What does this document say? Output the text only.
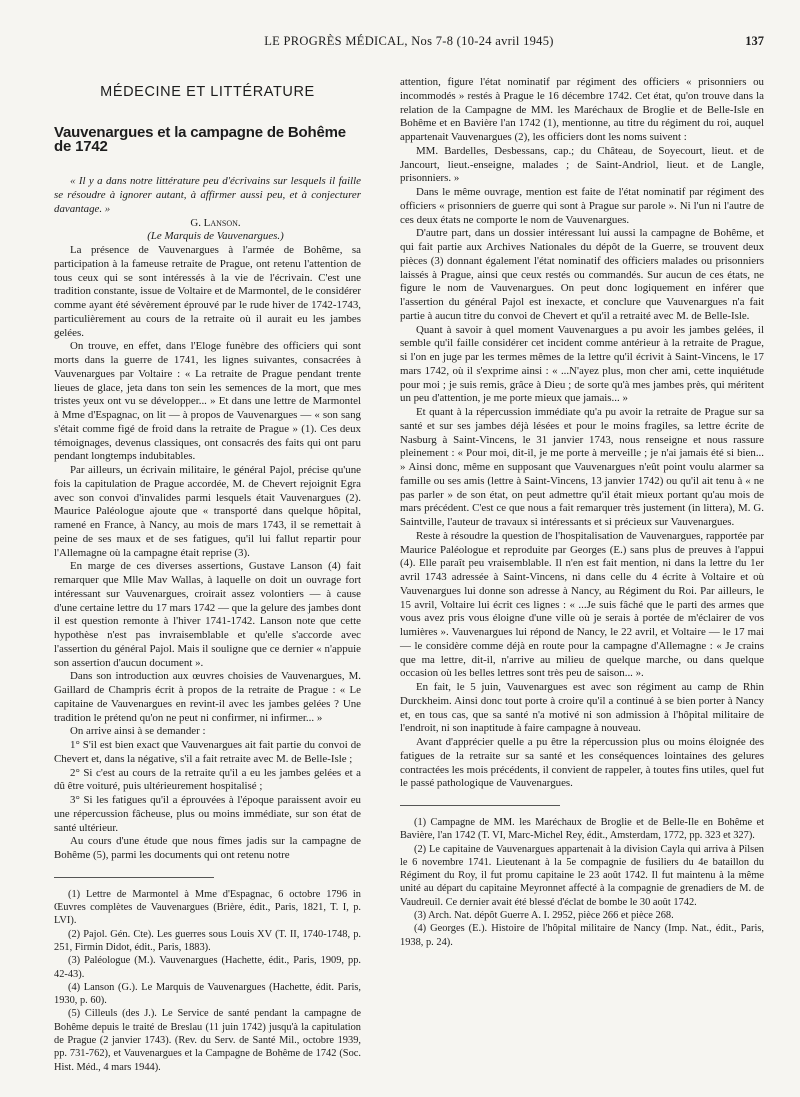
LE PROGRÈS MÉDICAL, Nos 7-8 (10-24 avril 1945)	137
MÉDECINE ET LITTÉRATURE
Vauvenargues et la campagne de Bohême de 1742

« Il y a dans notre littérature peu d'écrivains sur lesquels il faille se résoudre à ignorer autant, à affirmer aussi peu, et à conjecturer davantage. »

G. Lanson.

(Le Marquis de Vauvenargues.)

La présence de Vauvenargues à l'armée de Bohême, sa participation à la fameuse retraite de Prague, ont retenu l'attention de tous ceux qui se sont intéressés à la vie de l'écrivain. C'est une tradition constante, issue de Voltaire et de Marmontel, de le considérer comme ayant été sévèrement éprouvé par le rude hiver de 1742-1743, particulièrement au cours de la retraite où il aurait eu les jambes gelées.

On trouve, en effet, dans l'Eloge funèbre des officiers qui sont morts dans la guerre de 1741, les lignes suivantes, consacrées à Vauvenargues par Voltaire : « La retraite de Prague pendant trente lieues de glace, jeta dans ton sein les semences de la mort, que mes tristes yeux ont vu se développer... » Et dans une lettre de Marmontel à Mme d'Espagnac, on lit — à propos de Vauvenargues — « son sang s'était comme figé de froid dans la retraite de Prague » (1). Ces deux témoignages, devenus classiques, ont consacrés des faits qui ont paru pendant longtemps indubitables.

Par ailleurs, un écrivain militaire, le général Pajol, précise qu'une fois la capitulation de Prague accordée, M. de Chevert rejoignit Egra avec son convoi d'invalides parmi lesquels était Vauvenargues (2). Maurice Paléologue ajoute que « transporté dans quelque hôpital, ramené en France, à Nancy, au mois de mars 1743, il se remettait à peine de ses maux et de ses fatigues, qu'il lui fallut repartir pour l'Allemagne où la campagne était reprise (3).

En marge de ces diverses assertions, Gustave Lanson (4) fait remarquer que Mlle Mav Wallas, à laquelle on doit un ouvrage fort intéressant sur Vauvenargues, croirait assez volontiers — à cause d'une certaine lettre du 17 mars 1742 — que la gelure des jambes dont il est question remonte à l'hiver 1741-1742. Lanson note que cette hypothèse n'est pas invraisemblable et qu'elle s'accorde avec l'assertion du général Pajol. Mais il souligne que ce dernier « n'appuie son assertion d'aucun document ».

Dans son introduction aux œuvres choisies de Vauvenargues, M. Gaillard de Champris écrit à propos de la retraite de Prague : « Le capitaine de Vauvenargues en revint-il avec les jambes gelées ? Une tradition le prétend qu'on ne peut ni confirmer, ni infirmer... »

On arrive ainsi à se demander :

1° S'il est bien exact que Vauvenargues ait fait partie du convoi de Chevert et, dans la négative, s'il a fait retraite avec M. de Belle-Isle ;

2° Si c'est au cours de la retraite qu'il a eu les jambes gelées et a dû être voituré, puis ultérieurement hospitalisé ;

3° Si les fatigues qu'il a éprouvées à l'époque paraissent avoir eu une répercussion fâcheuse, plus ou moins immédiate, sur son état de santé ultérieur.

Au cours d'une étude que nous fîmes jadis sur la campagne de Bohême (5), parmi les documents qui ont retenu notre

(1) Lettre de Marmontel à Mme d'Espagnac, 6 octobre 1796 in Œuvres complètes de Vauvenargues (Brière, édit., Paris, 1821, T. I, p. LVI).

(2) Pajol. Gén. Cte). Les guerres sous Louis XV (T. II, 1740-1748, p. 251, Firmin Didot, édit., Paris, 1883).

(3) Paléologue (M.). Vauvenargues (Hachette, édit., Paris, 1909, pp. 42-43).

(4) Lanson (G.). Le Marquis de Vauvenargues (Hachette, édit. Paris, 1930, p. 60).

(5) Cilleuls (des J.). Le Service de santé pendant la campagne de Bohême depuis le traité de Breslau (11 juin 1742) jusqu'à la capitulation de Prague (2 janvier 1743). (Rev. du Serv. de Santé Mil., octobre 1939, pp. 731-762), et Vauvenargues et la Campagne de Bohême de 1742 (Soc. Hist. Méd., 4 mars 1944).

attention, figure l'état nominatif par régiment des officiers « prisonniers ou incommodés » restés à Prague le 16 décembre 1742. Cet état, qu'on trouve dans la relation de la Campagne de MM. les Maréchaux de Broglie et de Belle-Isle en Bohême et en Bavière l'an 1742 (1), mentionne, au titre du régiment du roi, auquel appartenait Vauvenargues (2), les officiers dont les noms suivent :

MM. Bardelles, Desbessans, cap.; du Château, de Soyecourt, lieut. et de Jancourt, lieut.-enseigne, malades ; de Saint-Andriol, lieut. et de Langle, prisonniers. »

Dans le même ouvrage, mention est faite de l'état nominatif par régiment des officiers « prisonniers de guerre qui sont à Prague sur parole ». Ni l'un ni l'autre de ces deux états ne comporte le nom de Vauvenargues.

D'autre part, dans un dossier intéressant lui aussi la campagne de Bohême, et qui fait partie aux Archives Nationales du dépôt de la Guerre, se trouvent deux pièces (3) donnant également l'état nominatif des officiers malades ou prisonniers laissés à Prague, ainsi que ceux restés ou commandés. Sur aucun de ces états, ne figure le nom de Vauvenargues. On peut donc logiquement en inférer que l'assertion du général Pajol est inexacte, et conclure que Vauvenargues n'a fait partie à aucun titre du convoi de Chevert et qu'il a retraité avec M. de Belle-Isle.

Quant à savoir à quel moment Vauvenargues a pu avoir les jambes gelées, il semble qu'il faille considérer cet incident comme antérieur à la retraite de Prague, si l'on en juge par les termes mêmes de la lettre qu'il écrivit à Saint-Vincens, le 17 mars 1742, où il s'exprime ainsi : « ...N'ayez plus, mon cher ami, cette inquiétude pour moi ; je suis remis, grâce à Dieu ; de sorte qu'à mes jambes près, qui méritent un peu d'attention, je me porte mieux que jamais... »

Et quant à la répercussion immédiate qu'a pu avoir la retraite de Prague sur sa santé et sur ses jambes déjà lésées et pour le moins fragiles, sa lettre écrite de Nasburg à Saint-Vincens, le 31 janvier 1743, nous renseigne et nous rassure pleinement : « Pour moi, dit-il, je me porte à merveille ; je n'ai jamais été si bien... » Ainsi donc, même en supposant que Vauvenargues n'eût point voulu alarmer sa famille ou ses amis (lettre à Saint-Vincens, 13 janvier 1742) ou qu'il ait tenu à « ne pas parler » de son état, on peut admettre qu'il était mieux portant qu'au mois de mars précédent. C'est ce que nous a fait remarquer très justement (in littera), M. G. Saintville, l'auteur de travaux si intéressants et si précieux sur Vauvenargues.

Reste à résoudre la question de l'hospitalisation de Vauvenargues, rapportée par Maurice Paléologue et reproduite par Georges (E.) sans plus de preuves à l'appui (4). Elle paraît peu vraisemblable. Il n'en est fait mention, ni dans la lettre du 1er avril 1743 adressée à Saint-Vincens, ni dans celle du 4 écrite à Voltaire et où Vauvenargues lui donne son adresse à Nancy, au Régiment du Roi. Par ailleurs, le 15 avril, Voltaire lui écrit ces lignes : « ...Je suis fâché que le parti des armes que vous avez pris vous éloigne d'une ville où je serais à portée de m'éclairer de vos lumières ». Vauvenargues lui répond de Nancy, le 22 avril, et Voltaire — le 17 mai — le considère comme déjà en route pour la campagne d'Allemagne : « Je crains que ma lettre, dit-il, n'arrive au milieu de quelque marche, ou dans quelque occasion où les belles lettres sont très peu de saison... ».

En fait, le 5 juin, Vauvenargues est avec son régiment au camp de Rhin Durckheim. Ainsi donc tout porte à croire qu'il a continué à se bien porter à Nancy et, en tous cas, que sa santé n'a motivé ni son admission à l'hôpital militaire de l'endroit, ni son inaptitude à faire campagne à nouveau.

Avant d'apprécier quelle a pu être la répercussion plus ou moins éloignée des fatigues de la retraite sur sa santé et les conséquences lointaines des gelures contractées les mois précédents, il convient de rappeler, à toutes fins utiles, quel fut le passé pathologique de Vauvenargues.

(1) Campagne de MM. les Maréchaux de Broglie et de Belle-Ile en Bohême et Bavière, l'an 1742 (T. VI, Marc-Michel Rey, édit., Amsterdam, 1772, pp. 323 et 327).

(2) Le capitaine de Vauvenargues appartenait à la division Cayla qui arriva à Pilsen le 6 novembre 1741. Lieutenant à la 5e compagnie de fusiliers du 4e bataillon du Régiment du Roy, il fut promu capitaine le 23 août 1742. Il fut maintenu à la même unité au départ du capitaine Meyronnet affecté à la compagnie de grenadiers de M. de Vaudreuil. Ce dernier avait été blessé d'éclat de bombe le 30 août 1742.

(3) Arch. Nat. dépôt Guerre A. I. 2952, pièce 266 et pièce 268.

(4) Georges (E.). Histoire de l'hôpital militaire de Nancy (Imp. Nat., édit., Paris, 1938, p. 24).
